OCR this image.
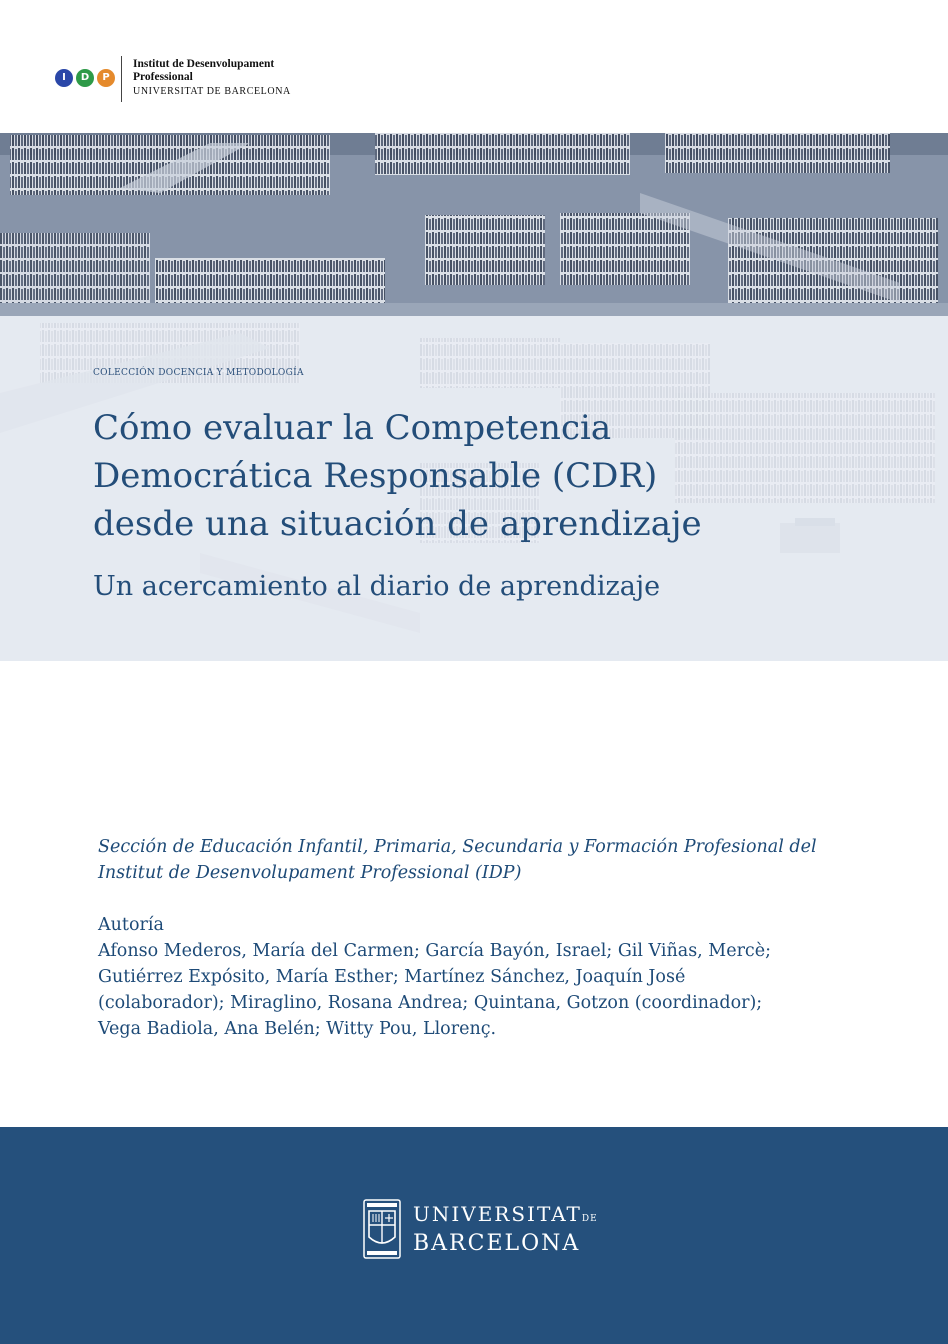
I	D	P
Institut de Desenvolupament
Professional
UNIVERSITAT DE BARCELONA
COLECCIÓN DOCENCIA Y METODOLOGÍA
Cómo evaluar la Competencia
Democrática Responsable (CDR)
desde una situación de aprendizaje
Un acercamiento al diario de aprendizaje
Sección de Educación Infantil, Primaria, Secundaria y Formación Profesional del
Institut de Desenvolupament Professional (IDP)
Autoría
Afonso Mederos, María del Carmen; García Bayón, Israel; Gil Viñas, Mercè;
Gutiérrez Expósito, María Esther; Martínez Sánchez, Joaquín José
(colaborador); Miraglino, Rosana Andrea; Quintana, Gotzon (coordinador);
Vega Badiola, Ana Belén; Witty Pou, Llorenç.
UNIVERSITATDE
BARCELONA
